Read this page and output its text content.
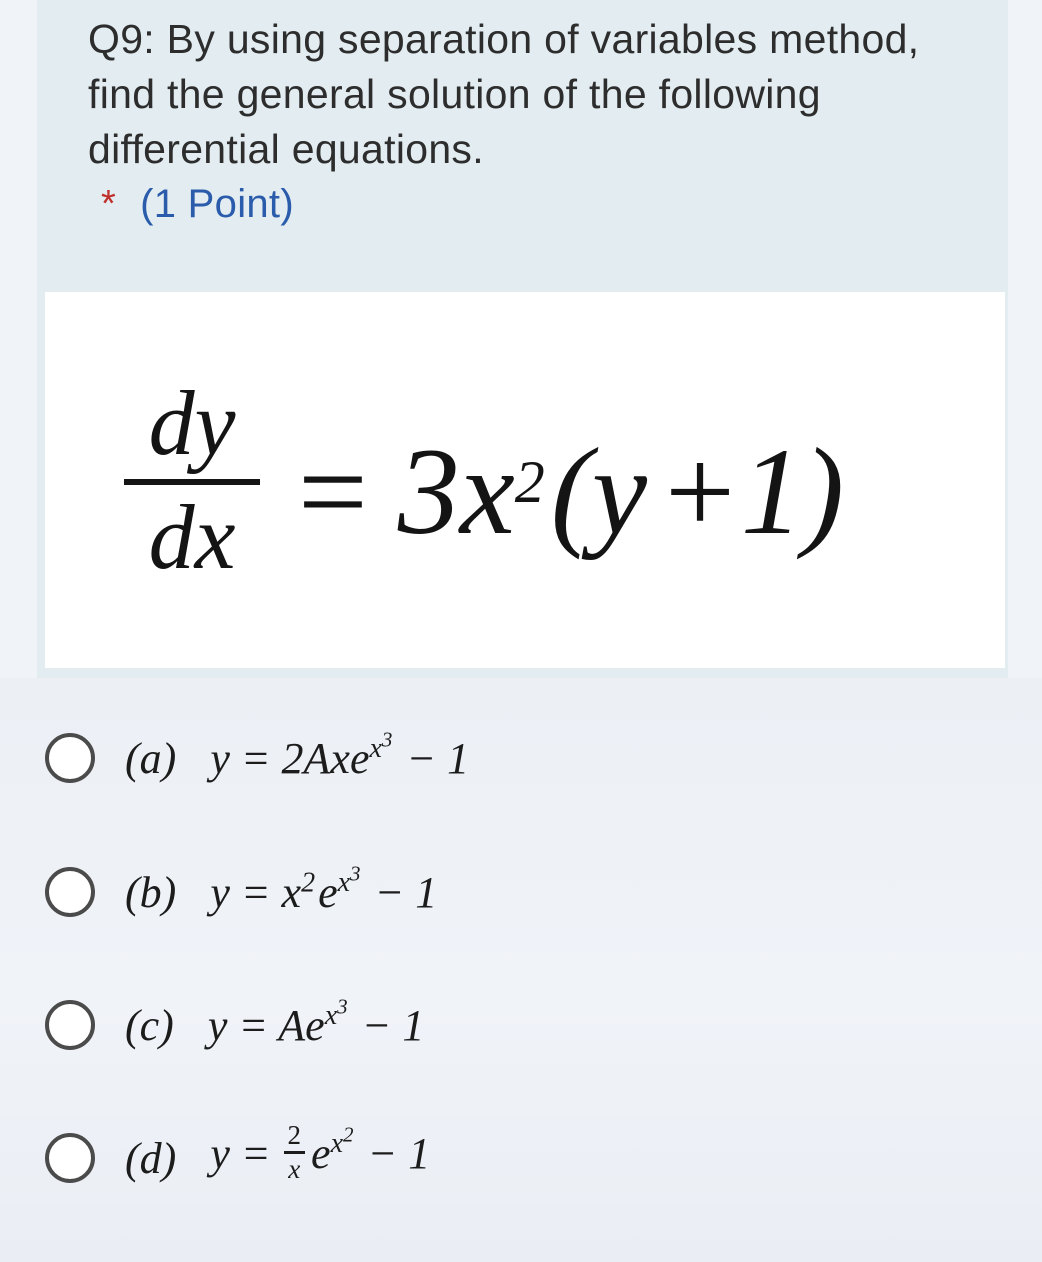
Q9: By using separation of variables method, find the general solution of the following differential equations.
* (1 Point)
dy
dx = $3x^2(y+1)$
(a) y = 2Axe$^{x^3}$ − 1
(b) $y = x^2e^{x^3} - 1$
(c) $y = Ae^{x^3} - 1$
(d) $y = \frac{2}{x} e^{x^2} - 1$
